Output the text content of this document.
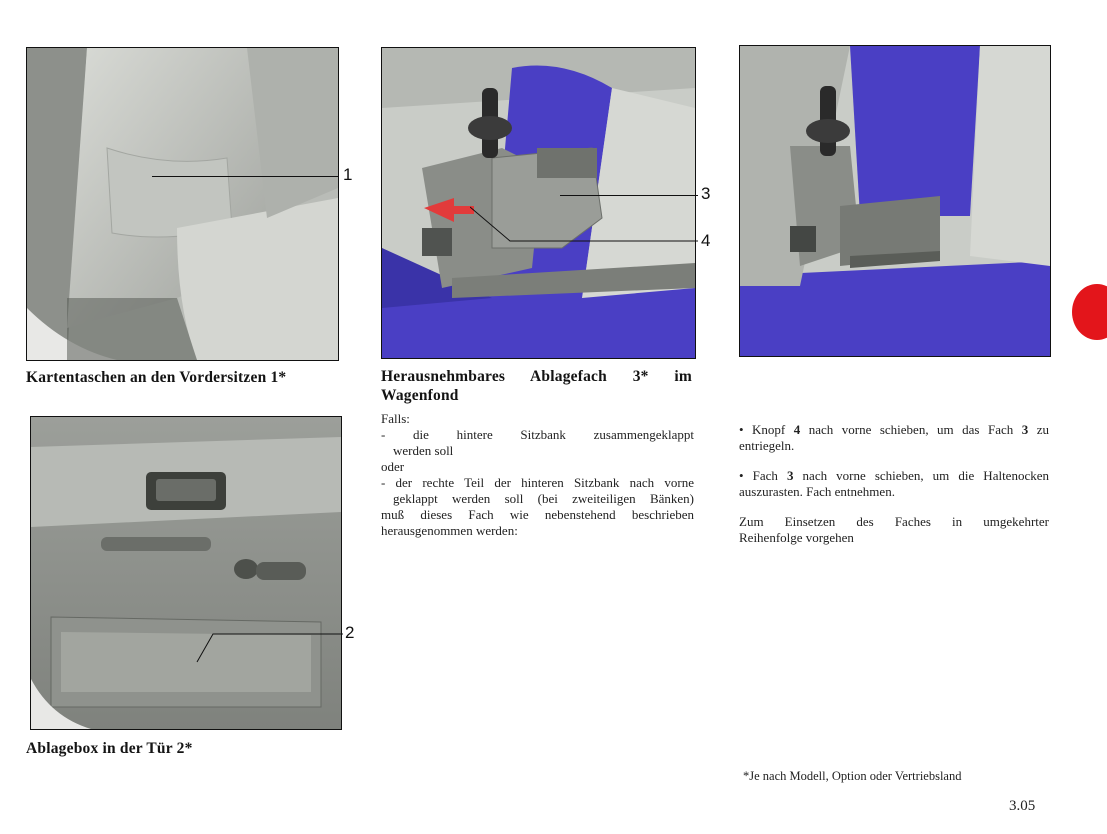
1
3
4
2
Kartentaschen an den Vordersitzen 1*
Ablagebox in der Tür 2*
Herausnehmbares Ablagefach 3* im
Wagenfond

Falls:

- die hintere Sitzbank zusammengeklappt

werden soll

oder

- der rechte Teil der hinteren Sitzbank nach vorne

geklappt werden soll (bei zweiteiligen Bänken)

muß dieses Fach wie nebenstehend beschrieben

herausgenommen werden:

• Knopf 4 nach vorne schieben, um das Fach 3 zu

entriegeln.

• Fach 3 nach vorne schieben, um die Haltenocken

auszurasten. Fach entnehmen.

Zum Einsetzen des Faches in umgekehrter

Reihenfolge vorgehen

*Je nach Modell, Option oder Vertriebsland
3.05
